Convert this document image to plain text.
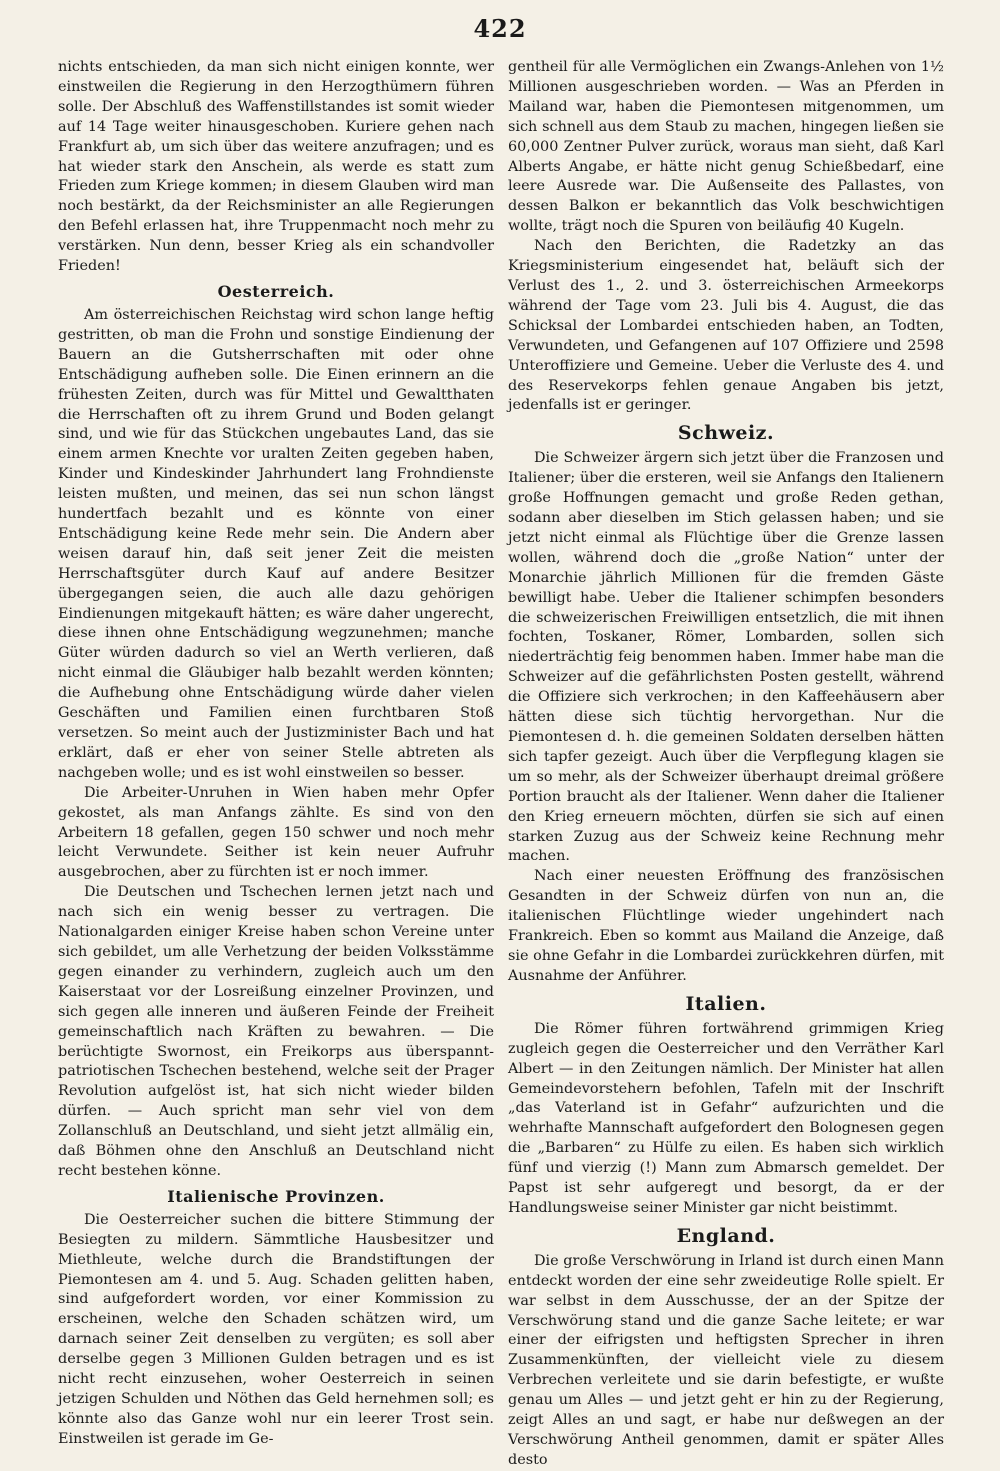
422

nichts entschieden, da man sich nicht einigen konnte, wer einstweilen die Regierung in den Herzogthümern führen solle. Der Abschluß des Waffenstillstandes ist somit wieder auf 14 Tage weiter hinausgeschoben. Kuriere gehen nach Frankfurt ab, um sich über das weitere anzufragen; und es hat wieder stark den Anschein, als werde es statt zum Frieden zum Kriege kommen; in diesem Glauben wird man noch bestärkt, da der Reichsminister an alle Regierungen den Befehl erlassen hat, ihre Truppenmacht noch mehr zu verstärken. Nun denn, besser Krieg als ein schandvoller Frieden!

Oesterreich.

Am österreichischen Reichstag wird schon lange heftig gestritten, ob man die Frohn und sonstige Eindienung der Bauern an die Gutsherrschaften mit oder ohne Entschädigung aufheben solle. Die Einen erinnern an die frühesten Zeiten, durch was für Mittel und Gewaltthaten die Herrschaften oft zu ihrem Grund und Boden gelangt sind, und wie für das Stückchen ungebautes Land, das sie einem armen Knechte vor uralten Zeiten gegeben haben, Kinder und Kindeskinder Jahrhundert lang Frohndienste leisten mußten, und meinen, das sei nun schon längst hundertfach bezahlt und es könnte von einer Entschädigung keine Rede mehr sein. Die Andern aber weisen darauf hin, daß seit jener Zeit die meisten Herrschaftsgüter durch Kauf auf andere Besitzer übergegangen seien, die auch alle dazu gehörigen Eindienungen mitgekauft hätten; es wäre daher ungerecht, diese ihnen ohne Entschädigung wegzunehmen; manche Güter würden dadurch so viel an Werth verlieren, daß nicht einmal die Gläubiger halb bezahlt werden könnten; die Aufhebung ohne Entschädigung würde daher vielen Geschäften und Familien einen furchtbaren Stoß versetzen. So meint auch der Justizminister Bach und hat erklärt, daß er eher von seiner Stelle abtreten als nachgeben wolle; und es ist wohl einstweilen so besser.

Die Arbeiter-Unruhen in Wien haben mehr Opfer gekostet, als man Anfangs zählte. Es sind von den Arbeitern 18 gefallen, gegen 150 schwer und noch mehr leicht Verwundete. Seither ist kein neuer Aufruhr ausgebrochen, aber zu fürchten ist er noch immer.

Die Deutschen und Tschechen lernen jetzt nach und nach sich ein wenig besser zu vertragen. Die Nationalgarden einiger Kreise haben schon Vereine unter sich gebildet, um alle Verhetzung der beiden Volksstämme gegen einander zu verhindern, zugleich auch um den Kaiserstaat vor der Losreißung einzelner Provinzen, und sich gegen alle inneren und äußeren Feinde der Freiheit gemeinschaftlich nach Kräften zu bewahren. — Die berüchtigte Swornost, ein Freikorps aus überspannt-patriotischen Tschechen bestehend, welche seit der Prager Revolution aufgelöst ist, hat sich nicht wieder bilden dürfen. — Auch spricht man sehr viel von dem Zollanschluß an Deutschland, und sieht jetzt allmälig ein, daß Böhmen ohne den Anschluß an Deutschland nicht recht bestehen könne.

Italienische Provinzen.

Die Oesterreicher suchen die bittere Stimmung der Besiegten zu mildern. Sämmtliche Hausbesitzer und Miethleute, welche durch die Brandstiftungen der Piemontesen am 4. und 5. Aug. Schaden gelitten haben, sind aufgefordert worden, vor einer Kommission zu erscheinen, welche den Schaden schätzen wird, um darnach seiner Zeit denselben zu vergüten; es soll aber derselbe gegen 3 Millionen Gulden betragen und es ist nicht recht einzusehen, woher Oesterreich in seinen jetzigen Schulden und Nöthen das Geld hernehmen soll; es könnte also das Ganze wohl nur ein leerer Trost sein. Einstweilen ist gerade im Ge-

gentheil für alle Vermöglichen ein Zwangs-Anlehen von 1½ Millionen ausgeschrieben worden. — Was an Pferden in Mailand war, haben die Piemontesen mitgenommen, um sich schnell aus dem Staub zu machen, hingegen ließen sie 60,000 Zentner Pulver zurück, woraus man sieht, daß Karl Alberts Angabe, er hätte nicht genug Schießbedarf, eine leere Ausrede war. Die Außenseite des Pallastes, von dessen Balkon er bekanntlich das Volk beschwichtigen wollte, trägt noch die Spuren von beiläufig 40 Kugeln.

Nach den Berichten, die Radetzky an das Kriegsministerium eingesendet hat, beläuft sich der Verlust des 1., 2. und 3. österreichischen Armeekorps während der Tage vom 23. Juli bis 4. August, die das Schicksal der Lombardei entschieden haben, an Todten, Verwundeten, und Gefangenen auf 107 Offiziere und 2598 Unteroffiziere und Gemeine. Ueber die Verluste des 4. und des Reservekorps fehlen genaue Angaben bis jetzt, jedenfalls ist er geringer.

Schweiz.

Die Schweizer ärgern sich jetzt über die Franzosen und Italiener; über die ersteren, weil sie Anfangs den Italienern große Hoffnungen gemacht und große Reden gethan, sodann aber dieselben im Stich gelassen haben; und sie jetzt nicht einmal als Flüchtige über die Grenze lassen wollen, während doch die „große Nation“ unter der Monarchie jährlich Millionen für die fremden Gäste bewilligt habe. Ueber die Italiener schimpfen besonders die schweizerischen Freiwilligen entsetzlich, die mit ihnen fochten, Toskaner, Römer, Lombarden, sollen sich niederträchtig feig benommen haben. Immer habe man die Schweizer auf die gefährlichsten Posten gestellt, während die Offiziere sich verkrochen; in den Kaffeehäusern aber hätten diese sich tüchtig hervorgethan. Nur die Piemontesen d. h. die gemeinen Soldaten derselben hätten sich tapfer gezeigt. Auch über die Verpflegung klagen sie um so mehr, als der Schweizer überhaupt dreimal größere Portion braucht als der Italiener. Wenn daher die Italiener den Krieg erneuern möchten, dürfen sie sich auf einen starken Zuzug aus der Schweiz keine Rechnung mehr machen.

Nach einer neuesten Eröffnung des französischen Gesandten in der Schweiz dürfen von nun an, die italienischen Flüchtlinge wieder ungehindert nach Frankreich. Eben so kommt aus Mailand die Anzeige, daß sie ohne Gefahr in die Lombardei zurückkehren dürfen, mit Ausnahme der Anführer.

Italien.

Die Römer führen fortwährend grimmigen Krieg zugleich gegen die Oesterreicher und den Verräther Karl Albert — in den Zeitungen nämlich. Der Minister hat allen Gemeindevorstehern befohlen, Tafeln mit der Inschrift „das Vaterland ist in Gefahr“ aufzurichten und die wehrhafte Mannschaft aufgefordert den Bolognesen gegen die „Barbaren“ zu Hülfe zu eilen. Es haben sich wirklich fünf und vierzig (!) Mann zum Abmarsch gemeldet. Der Papst ist sehr aufgeregt und besorgt, da er der Handlungsweise seiner Minister gar nicht beistimmt.

England.

Die große Verschwörung in Irland ist durch einen Mann entdeckt worden der eine sehr zweideutige Rolle spielt. Er war selbst in dem Ausschusse, der an der Spitze der Verschwörung stand und die ganze Sache leitete; er war einer der eifrigsten und heftigsten Sprecher in ihren Zusammenkünften, der vielleicht viele zu diesem Verbrechen verleitete und sie darin befestigte, er wußte genau um Alles — und jetzt geht er hin zu der Regierung, zeigt Alles an und sagt, er habe nur deßwegen an der Verschwörung Antheil genommen, damit er später Alles desto
